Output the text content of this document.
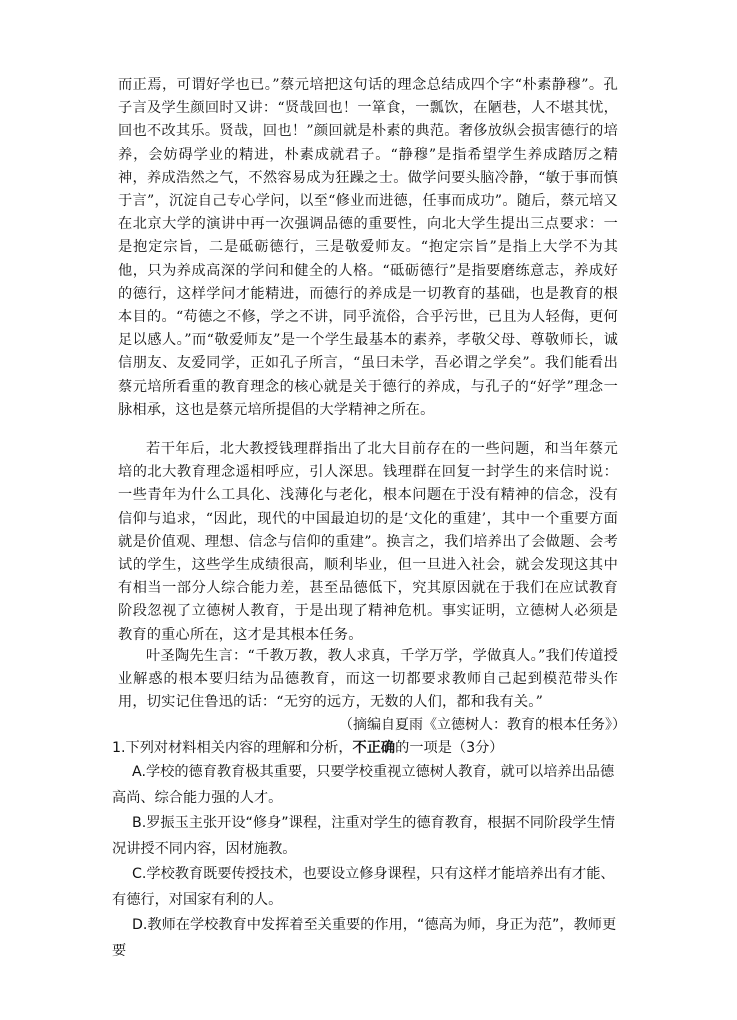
而正焉，可谓好学也已。”蔡元培把这句话的理念总结成四个字“朴素静穆”。孔子言及学生颜回时又讲：“贤哉回也！一箪食，一瓢饮，在陋巷，人不堪其忧，回也不改其乐。贤哉，回也！”颜回就是朴素的典范。奢侈放纵会损害德行的培养，会妨碍学业的精进，朴素成就君子。“静穆”是指希望学生养成踏厉之精神，养成浩然之气，不然容易成为狂躁之士。做学问要头脑冷静，“敏于事而慎于言”，沉淀自己专心学问，以至“修业而进德，任事而成功”。随后，蔡元培又在北京大学的演讲中再一次强调品德的重要性，向北大学生提出三点要求：一是抱定宗旨，二是砥砺德行，三是敬爱师友。“抱定宗旨”是指上大学不为其他，只为养成高深的学问和健全的人格。“砥砺德行”是指要磨练意志，养成好的德行，这样学问才能精进，而德行的养成是一切教育的基础，也是教育的根本目的。“苟德之不修，学之不讲，同乎流俗，合乎污世，已且为人轻侮，更何足以感人。”而“敬爱师友”是一个学生最基本的素养，孝敬父母、尊敬师长，诚信朋友、友爱同学，正如孔子所言，“虽曰未学，吾必谓之学矣”。我们能看出蔡元培所看重的教育理念的核心就是关于德行的养成，与孔子的“好学”理念一脉相承，这也是蔡元培所提倡的大学精神之所在。
若干年后，北大教授钱理群指出了北大目前存在的一些问题，和当年蔡元培的北大教育理念遥相呼应，引人深思。钱理群在回复一封学生的来信时说：一些青年为什么工具化、浅薄化与老化，根本问题在于没有精神的信念，没有信仰与追求，“因此，现代的中国最迫切的是‘文化的重建’，其中一个重要方面就是价值观、理想、信念与信仰的重建”。换言之，我们培养出了会做题、会考试的学生，这些学生成绩很高，顺利毕业，但一旦进入社会，就会发现这其中有相当一部分人综合能力差，甚至品德低下，究其原因就在于我们在应试教育阶段忽视了立德树人教育，于是出现了精神危机。事实证明，立德树人必须是教育的重心所在，这才是其根本任务。
叶圣陶先生言：“千教万教，教人求真，千学万学，学做真人。”我们传道授业解惑的根本要归结为品德教育，而这一切都要求教师自己起到模范带头作用，切实记住鲁迅的话：“无穷的远方，无数的人们，都和我有关。”
（摘编自夏雨《立德树人：教育的根本任务》）
1.下列对材料相关内容的理解和分析，不正确的一项是（3分）

A.学校的德育教育极其重要，只要学校重视立德树人教育，就可以培养出品德高尚、综合能力强的人才。

B.罗振玉主张开设“修身”课程，注重对学生的德育教育，根据不同阶段学生情况讲授不同内容，因材施教。

C.学校教育既要传授技术，也要设立修身课程，只有这样才能培养出有才能、有德行，对国家有利的人。

D.教师在学校教育中发挥着至关重要的作用，“德高为师，身正为范”，教师更要
